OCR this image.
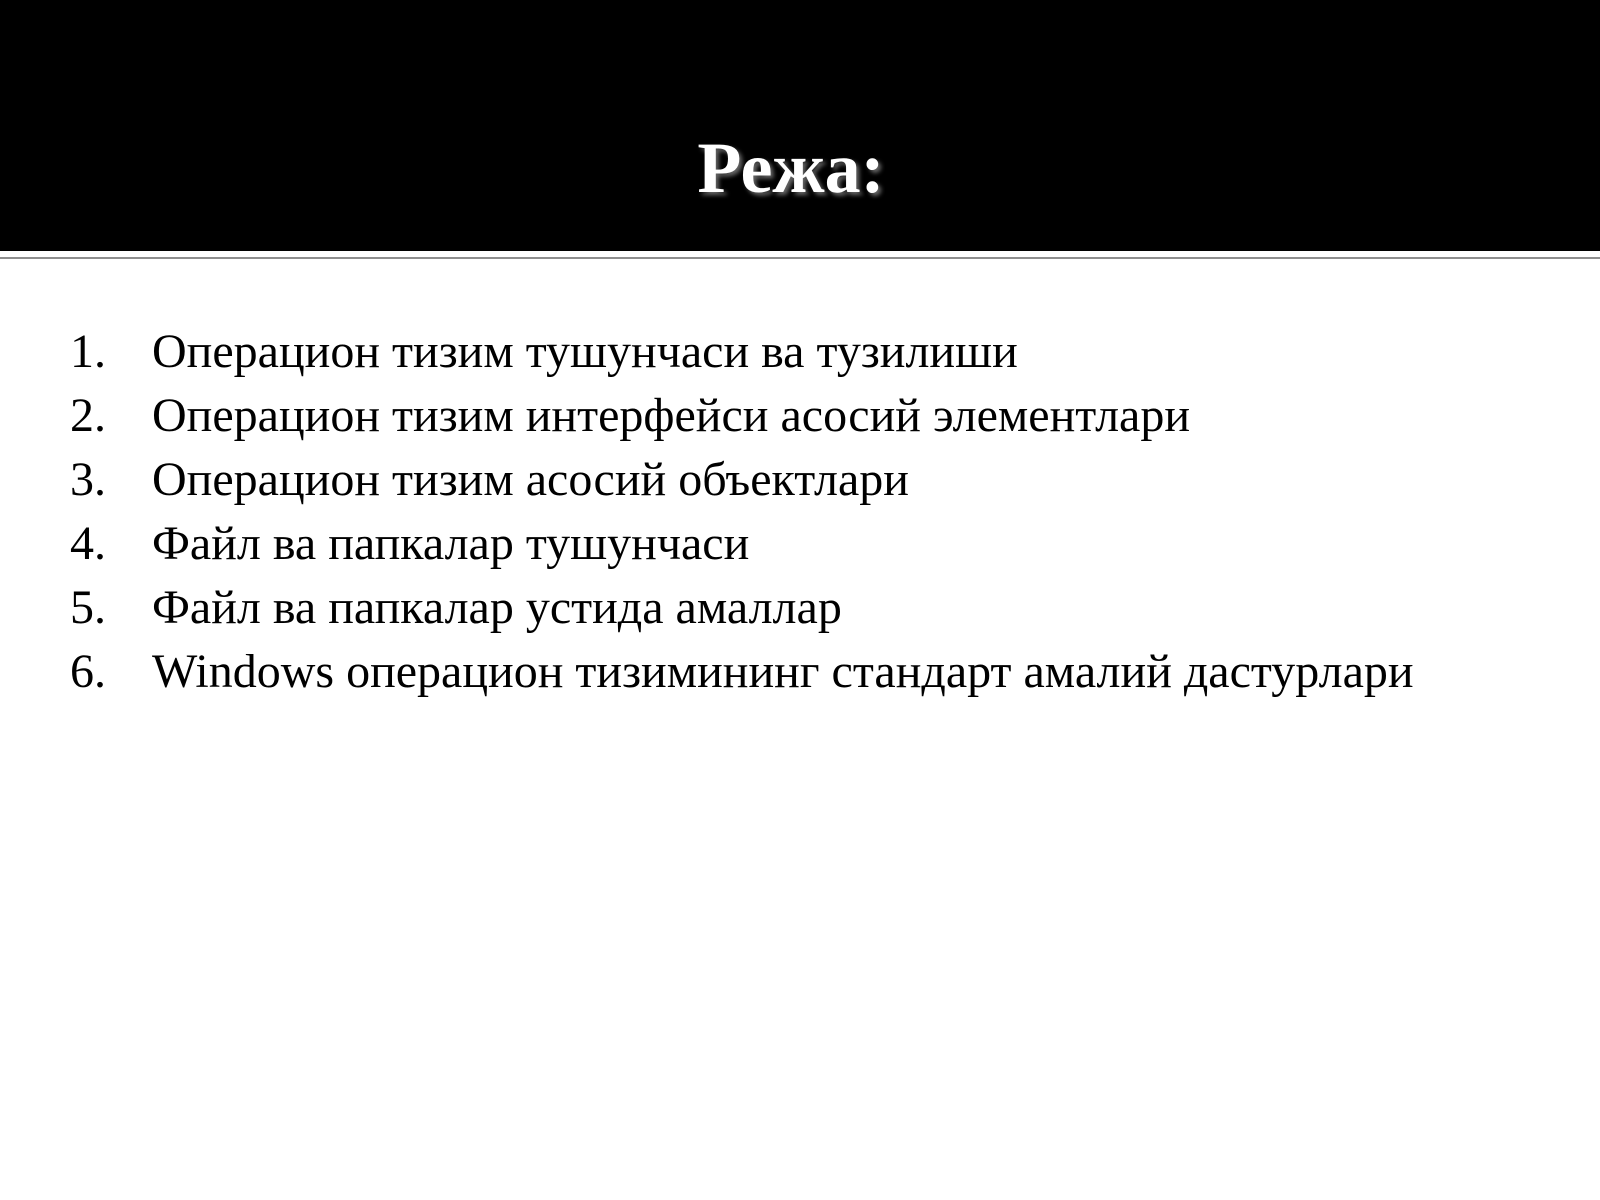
Режа:
1. Операцион тизим тушунчаси ва тузилиши
2. Операцион тизим интерфейси асосий элементлари
3. Операцион тизим асосий объектлари
4. Файл ва папкалар тушунчаси
5. Файл ва папкалар устида амаллар
6. Windows операцион тизимининг стандарт амалий дастурлари
